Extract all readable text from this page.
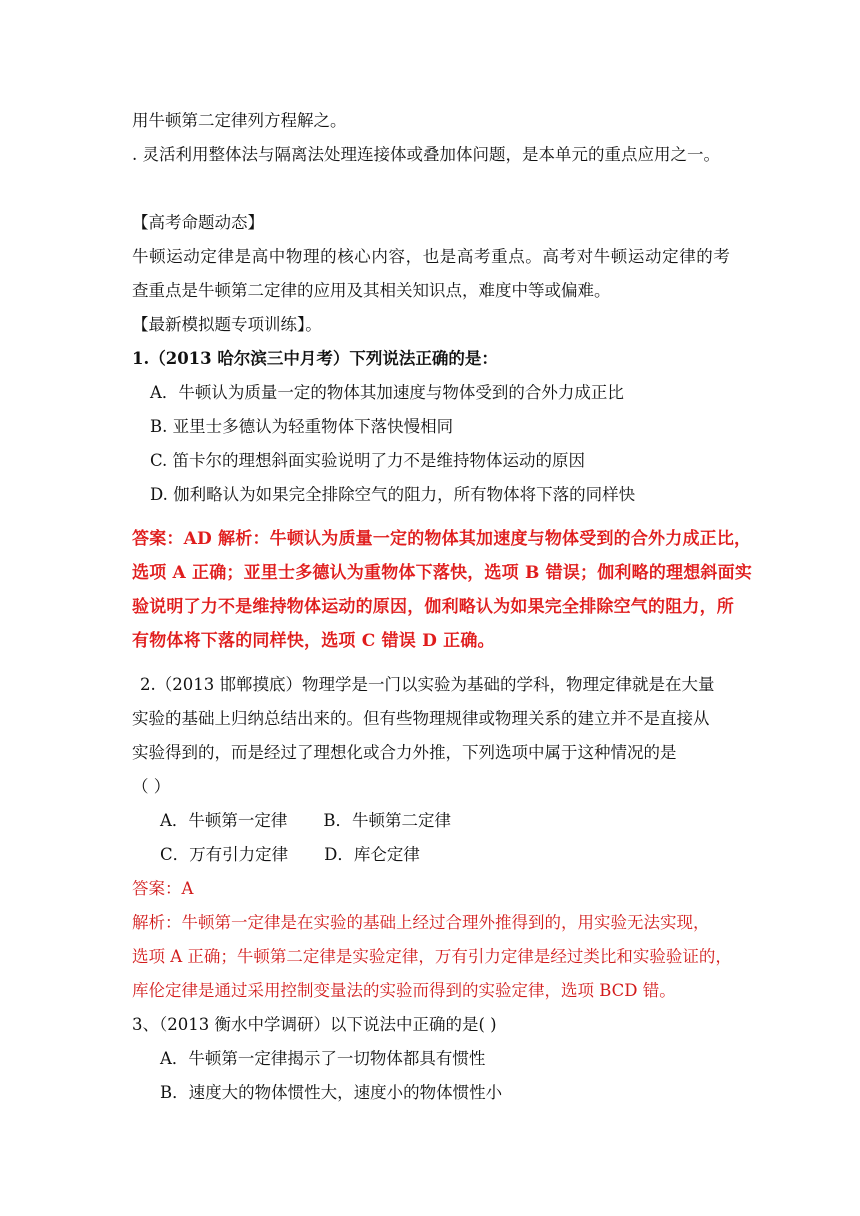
用牛顿第二定律列方程解之。
. 灵活利用整体法与隔离法处理连接体或叠加体问题，是本单元的重点应用之一。
【高考命题动态】
牛顿运动定律是高中物理的核心内容，也是高考重点。高考对牛顿运动定律的考
查重点是牛顿第二定律的应用及其相关知识点，难度中等或偏难。
【最新模拟题专项训练】。
1.（2013 哈尔滨三中月考）下列说法正确的是：
A．牛顿认为质量一定的物体其加速度与物体受到的合外力成正比
B. 亚里士多德认为轻重物体下落快慢相同
C. 笛卡尔的理想斜面实验说明了力不是维持物体运动的原因
D. 伽利略认为如果完全排除空气的阻力，所有物体将下落的同样快
答案：AD 解析：牛顿认为质量一定的物体其加速度与物体受到的合外力成正比，
选项 A 正确；亚里士多德认为重物体下落快，选项 B 错误；伽利略的理想斜面实
验说明了力不是维持物体运动的原因，伽利略认为如果完全排除空气的阻力，所
有物体将下落的同样快，选项 C 错误 D 正确。
2.（2013 邯郸摸底）物理学是一门以实验为基础的学科，物理定律就是在大量
实验的基础上归纳总结出来的。但有些物理规律或物理关系的建立并不是直接从
实验得到的，而是经过了理想化或合力外推，下列选项中属于这种情况的是
（ ）
A．牛顿第一定律 B．牛顿第二定律
C．万有引力定律 D．库仑定律
答案：A
解析：牛顿第一定律是在实验的基础上经过合理外推得到的，用实验无法实现，
选项 A 正确；牛顿第二定律是实验定律，万有引力定律是经过类比和实验验证的，
库伦定律是通过采用控制变量法的实验而得到的实验定律，选项 BCD 错。
3、（2013 衡水中学调研）以下说法中正确的是( )
A．牛顿第一定律揭示了一切物体都具有惯性
B．速度大的物体惯性大，速度小的物体惯性小
